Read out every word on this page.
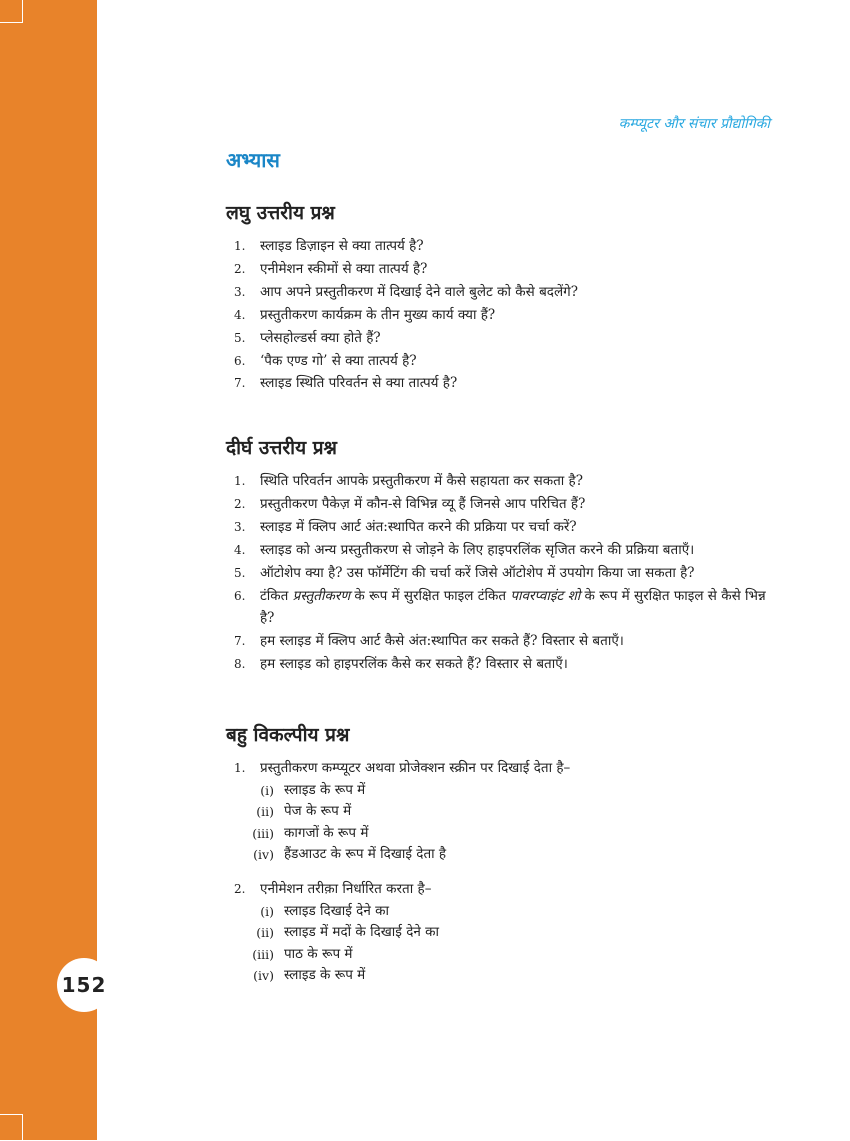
152
कम्प्यूटर और संचार प्रौद्योगिकी
अभ्यास
लघु उत्तरीय प्रश्न
1.	स्लाइड डिज़ाइन से क्या तात्पर्य है?
2.	एनीमेशन स्कीमों से क्या तात्पर्य है?
3.	आप अपने प्रस्तुतीकरण में दिखाई देने वाले बुलेट को कैसे बदलेंगे?
4.	प्रस्तुतीकरण कार्यक्रम के तीन मुख्य कार्य क्या हैं?
5.	प्लेसहोल्डर्स क्या होते हैं?
6.	‘पैक एण्ड गो’ से क्या तात्पर्य है?
7.	स्लाइड स्थिति परिवर्तन से क्या तात्पर्य है?
दीर्घ उत्तरीय प्रश्न
1.	स्थिति परिवर्तन आपके प्रस्तुतीकरण में कैसे सहायता कर सकता है?
2.	प्रस्तुतीकरण पैकेज़ में कौन-से विभिन्न व्यू हैं जिनसे आप परिचित हैं?
3.	स्लाइड में क्लिप आर्ट अंत:स्थापित करने की प्रक्रिया पर चर्चा करें?
4.	स्लाइड को अन्य प्रस्तुतीकरण से जोड़ने के लिए हाइपरलिंक सृजित करने की प्रक्रिया बताएँ।
5.	ऑटोशेप क्या है? उस फॉर्मेटिंग की चर्चा करें जिसे ऑटोशेप में उपयोग किया जा सकता है?
6.	टंकित प्रस्तुतीकरण के रूप में सुरक्षित फाइल टंकित पावरप्वाइंट शो के रूप में सुरक्षित फाइल से कैसे भिन्न है?
7.	हम स्लाइड में क्लिप आर्ट कैसे अंत:स्थापित कर सकते हैं? विस्तार से बताएँ।
8.	हम स्लाइड को हाइपरलिंक कैसे कर सकते हैं? विस्तार से बताएँ।
बहु विकल्पीय प्रश्न
1.	प्रस्तुतीकरण कम्प्यूटर अथवा प्रोजेक्शन स्क्रीन पर दिखाई देता है–
(i) स्लाइड के रूप में
(ii) पेज के रूप में
(iii) कागजों के रूप में
(iv) हैंडआउट के रूप में दिखाई देता है
2.	एनीमेशन तरीक़ा निर्धारित करता है–
(i) स्लाइड दिखाई देने का
(ii) स्लाइड में मदों के दिखाई देने का
(iii) पाठ के रूप में
(iv) स्लाइड के रूप में
